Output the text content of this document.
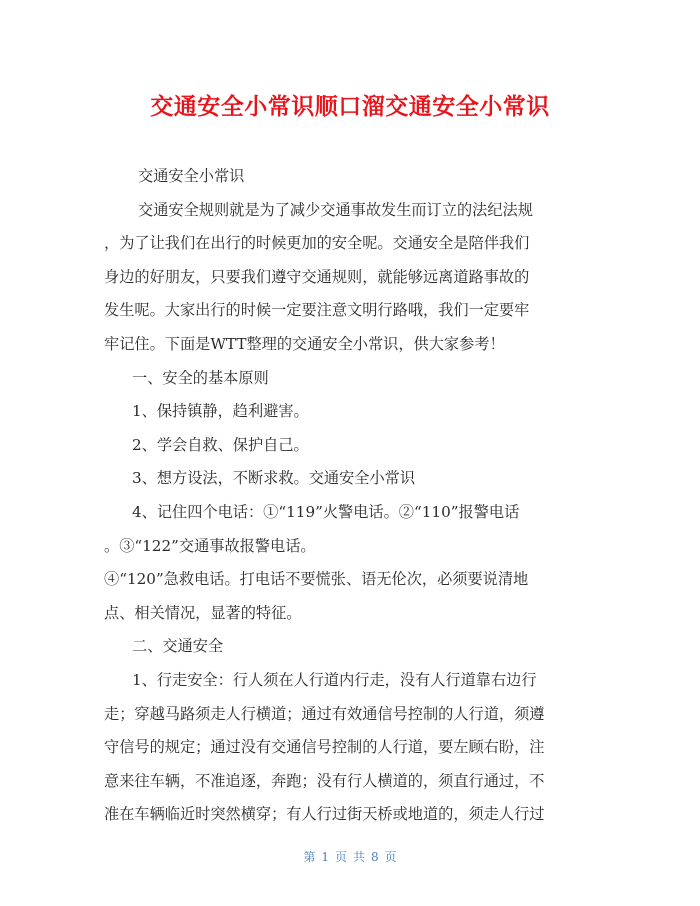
交通安全小常识顺口溜交通安全小常识

交通安全小常识

交通安全规则就是为了减少交通事故发生而订立的法纪法规

，为了让我们在出行的时候更加的安全呢。交通安全是陪伴我们

身边的好朋友，只要我们遵守交通规则，就能够远离道路事故的

发生呢。大家出行的时候一定要注意文明行路哦，我们一定要牢

牢记住。下面是WTT整理的交通安全小常识，供大家参考！

一、安全的基本原则

1、保持镇静，趋利避害。

2、学会自救、保护自己。

3、想方设法，不断求救。交通安全小常识

4、记住四个电话：①“119”火警电话。②“110”报警电话

。③“122”交通事故报警电话。

④“120”急救电话。打电话不要慌张、语无伦次，必须要说清地

点、相关情况，显著的特征。

二、交通安全

1、行走安全：行人须在人行道内行走，没有人行道靠右边行

走；穿越马路须走人行横道；通过有效通信号控制的人行道，须遵

守信号的规定；通过没有交通信号控制的人行道，要左顾右盼，注

意来往车辆，不准追逐，奔跑；没有行人横道的，须直行通过，不

准在车辆临近时突然横穿；有人行过街天桥或地道的，须走人行过

第 1 页 共 8 页
